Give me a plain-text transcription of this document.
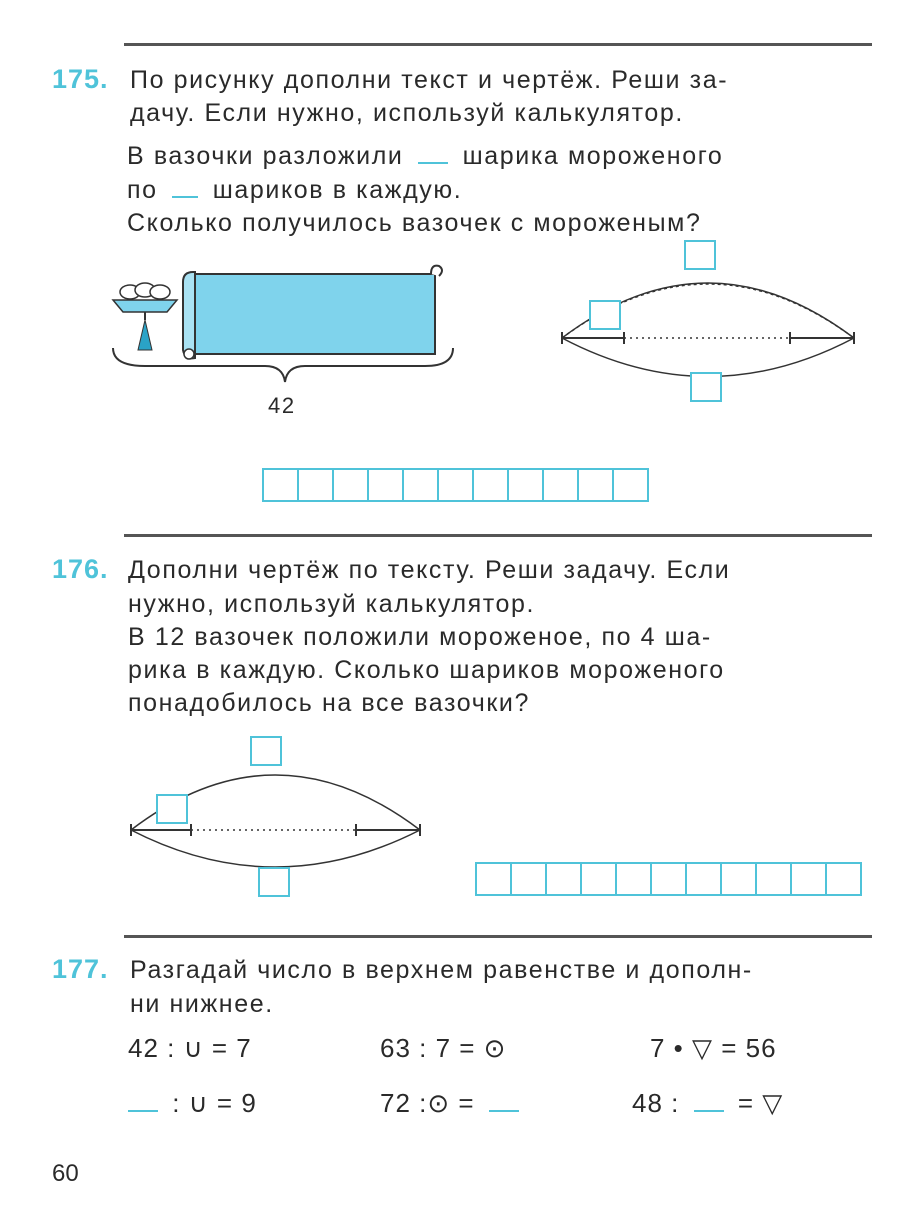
175. По рисунку дополни текст и чертёж. Реши за-
дачу. Если нужно, используй калькулятор.
В вазочки разложили шарика мороженого
по шариков в каждую.
Сколько получилось вазочек с мороженым?
42
176. Дополни чертёж по тексту. Реши задачу. Если
нужно, используй калькулятор.
В 12 вазочек положили мороженое, по 4 ша-
рика в каждую. Сколько шариков мороженого
понадобилось на все вазочки?
177. Разгадай число в верхнем равенстве и дополн-
ни нижнее.
42 : ∪ = 7	63 : 7 = ⊙	7 • ▽ = 56
: ∪ = 9	72 :⊙ =	48 : = ▽
60
